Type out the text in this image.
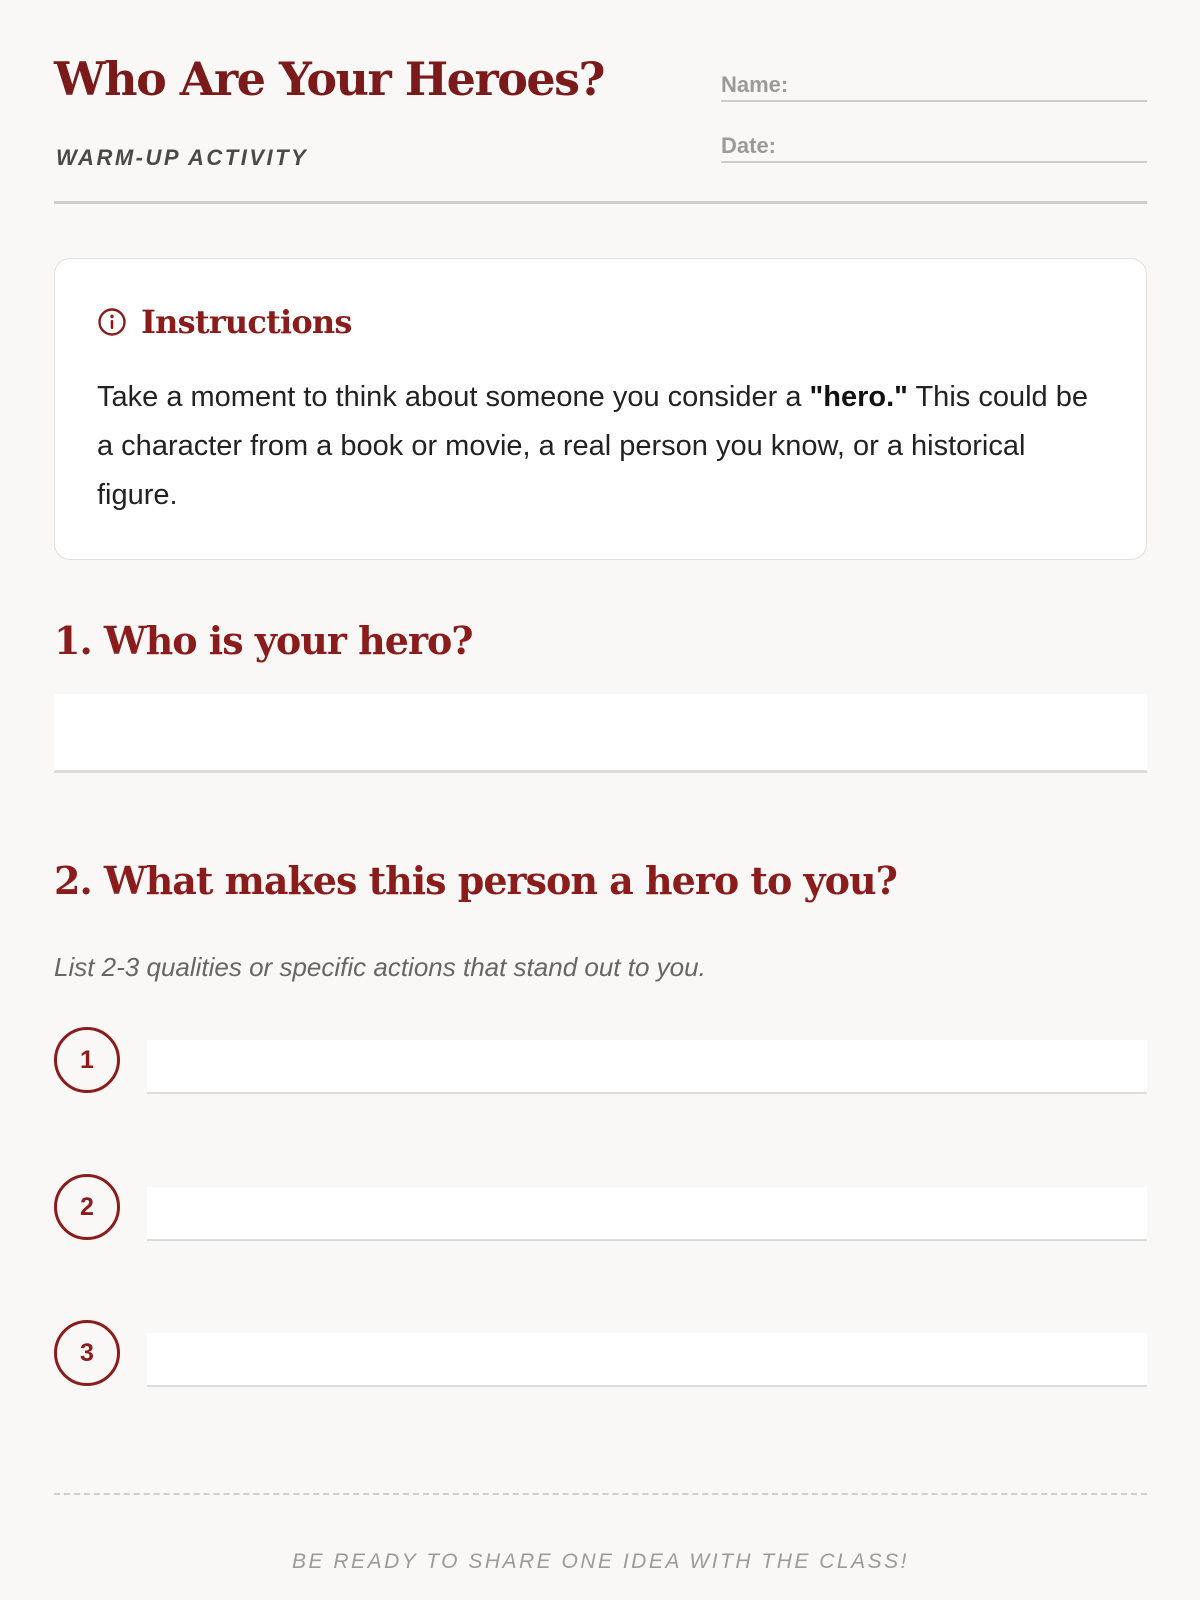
Who Are Your Heroes?
WARM-UP ACTIVITY
Name:
Date:
Instructions

Take a moment to think about someone you consider a "hero." This could be a character from a book or movie, a real person you know, or a historical figure.

1. Who is your hero?
2. What makes this person a hero to you?
List 2-3 qualities or specific actions that stand out to you.
1
2
3
BE READY TO SHARE ONE IDEA WITH THE CLASS!
